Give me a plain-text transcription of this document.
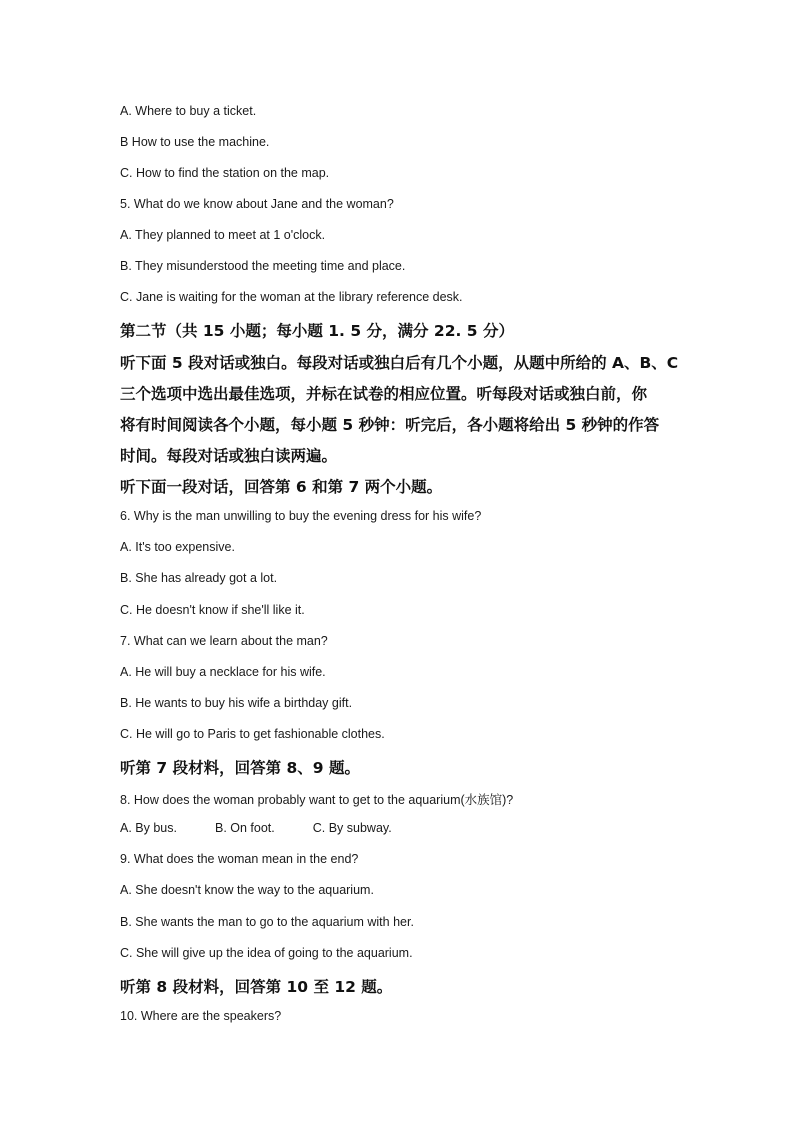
A. Where to buy a ticket.
B How to use the machine.
C. How to find the station on the map.
5. What do we know about Jane and the woman?
A. They planned to meet at 1 o'clock.
B. They misunderstood the meeting time and place.
C. Jane is waiting for the woman at the library reference desk.
第二节（共 15 小题；每小题 1. 5 分，满分 22. 5 分）
听下面 5 段对话或独白。每段对话或独白后有几个小题，从题中所给的 A、B、C
三个选项中选出最佳选项，并标在试卷的相应位置。听每段对话或独白前，你
将有时间阅读各个小题，每小题 5 秒钟：听完后，各小题将给出 5 秒钟的作答
时间。每段对话或独白读两遍。
听下面一段对话，回答第 6 和第 7 两个小题。
6. Why is the man unwilling to buy the evening dress for his wife?
A. It's too expensive.
B. She has already got a lot.
C. He doesn't know if she'll like it.
7. What can we learn about the man?
A. He will buy a necklace for his wife.
B. He wants to buy his wife a birthday gift.
C. He will go to Paris to get fashionable clothes.
听第 7 段材料，回答第 8、9 题。
8. How does the woman probably want to get to the aquarium(水族馆)?
A. By bus.	B. On foot.	C. By subway.
9. What does the woman mean in the end?
A. She doesn't know the way to the aquarium.
B. She wants the man to go to the aquarium with her.
C. She will give up the idea of going to the aquarium.
听第 8 段材料，回答第 10 至 12 题。
10. Where are the speakers?
